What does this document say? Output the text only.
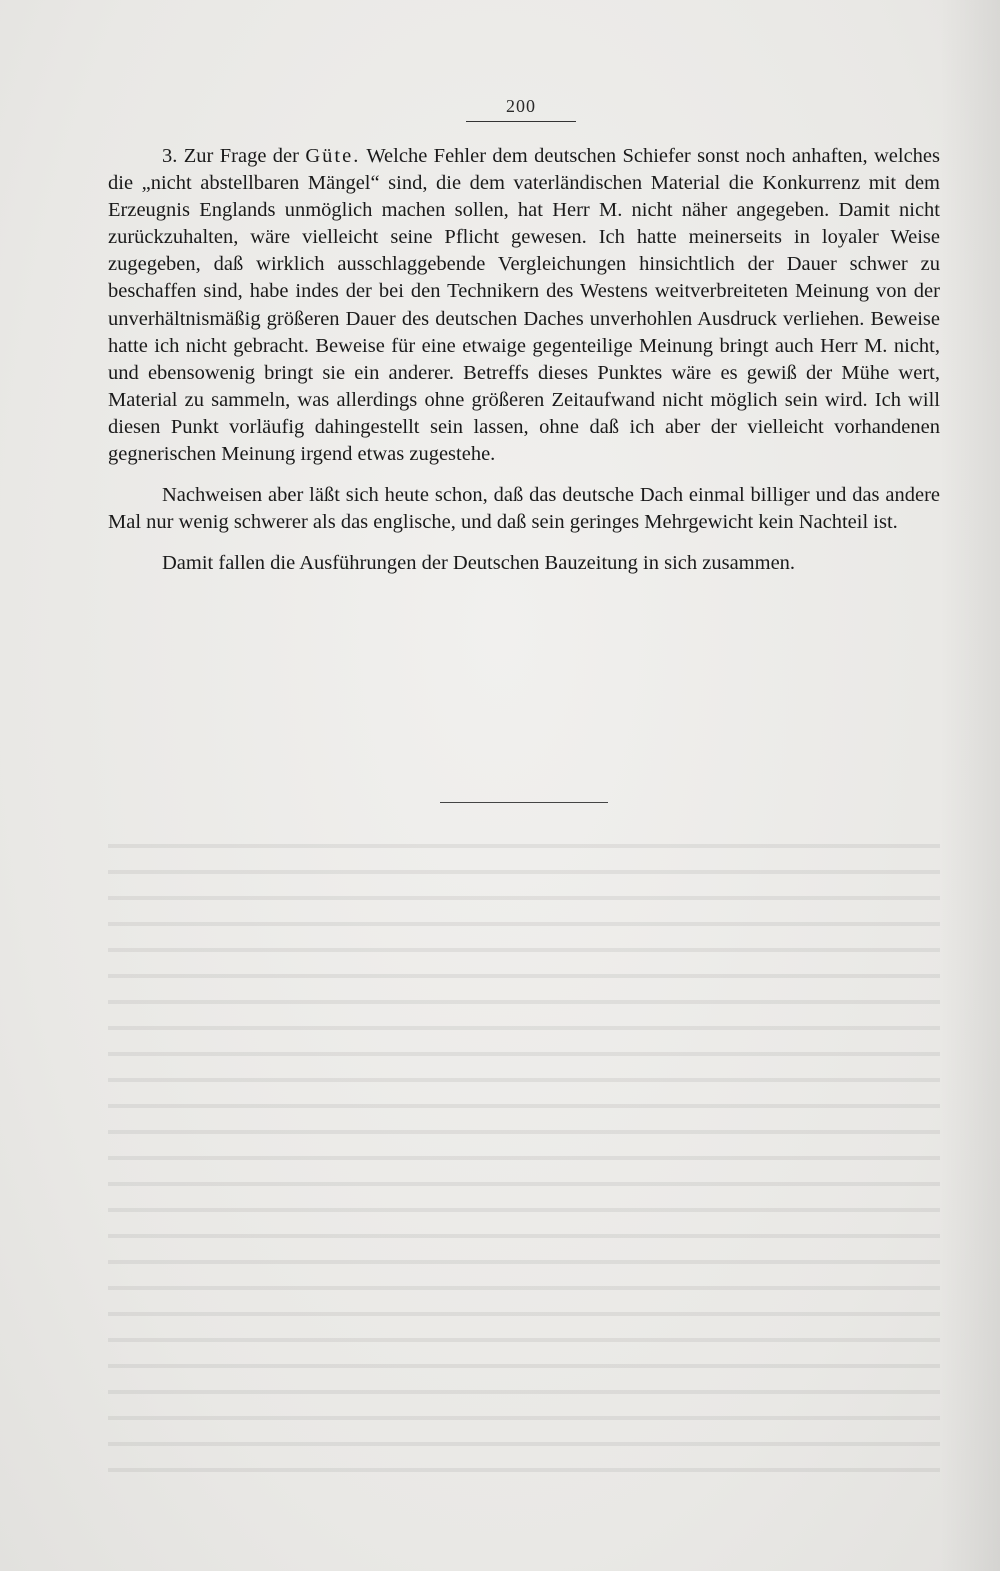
200

3. Zur Frage der Güte. Welche Fehler dem deutschen Schiefer sonst noch anhaften, welches die „nicht abstellbaren Mängel“ sind, die dem vaterländischen Material die Konkurrenz mit dem Erzeugnis Englands unmöglich machen sollen, hat Herr M. nicht näher angegeben. Damit nicht zurückzuhalten, wäre vielleicht seine Pflicht gewesen. Ich hatte meinerseits in loyaler Weise zugegeben, daß wirklich ausschlaggebende Vergleichungen hinsichtlich der Dauer schwer zu beschaffen sind, habe indes der bei den Technikern des Westens weitverbreiteten Meinung von der unverhältnismäßig größeren Dauer des deutschen Daches unverhohlen Ausdruck verliehen. Beweise hatte ich nicht gebracht. Beweise für eine etwaige gegenteilige Meinung bringt auch Herr M. nicht, und ebensowenig bringt sie ein anderer. Betreffs dieses Punktes wäre es gewiß der Mühe wert, Material zu sammeln, was allerdings ohne größeren Zeitaufwand nicht möglich sein wird. Ich will diesen Punkt vorläufig dahingestellt sein lassen, ohne daß ich aber der vielleicht vorhandenen gegnerischen Meinung irgend etwas zugestehe.

Nachweisen aber läßt sich heute schon, daß das deutsche Dach einmal billiger und das andere Mal nur wenig schwerer als das englische, und daß sein geringes Mehrgewicht kein Nachteil ist.

Damit fallen die Ausführungen der Deutschen Bauzeitung in sich zusammen.
